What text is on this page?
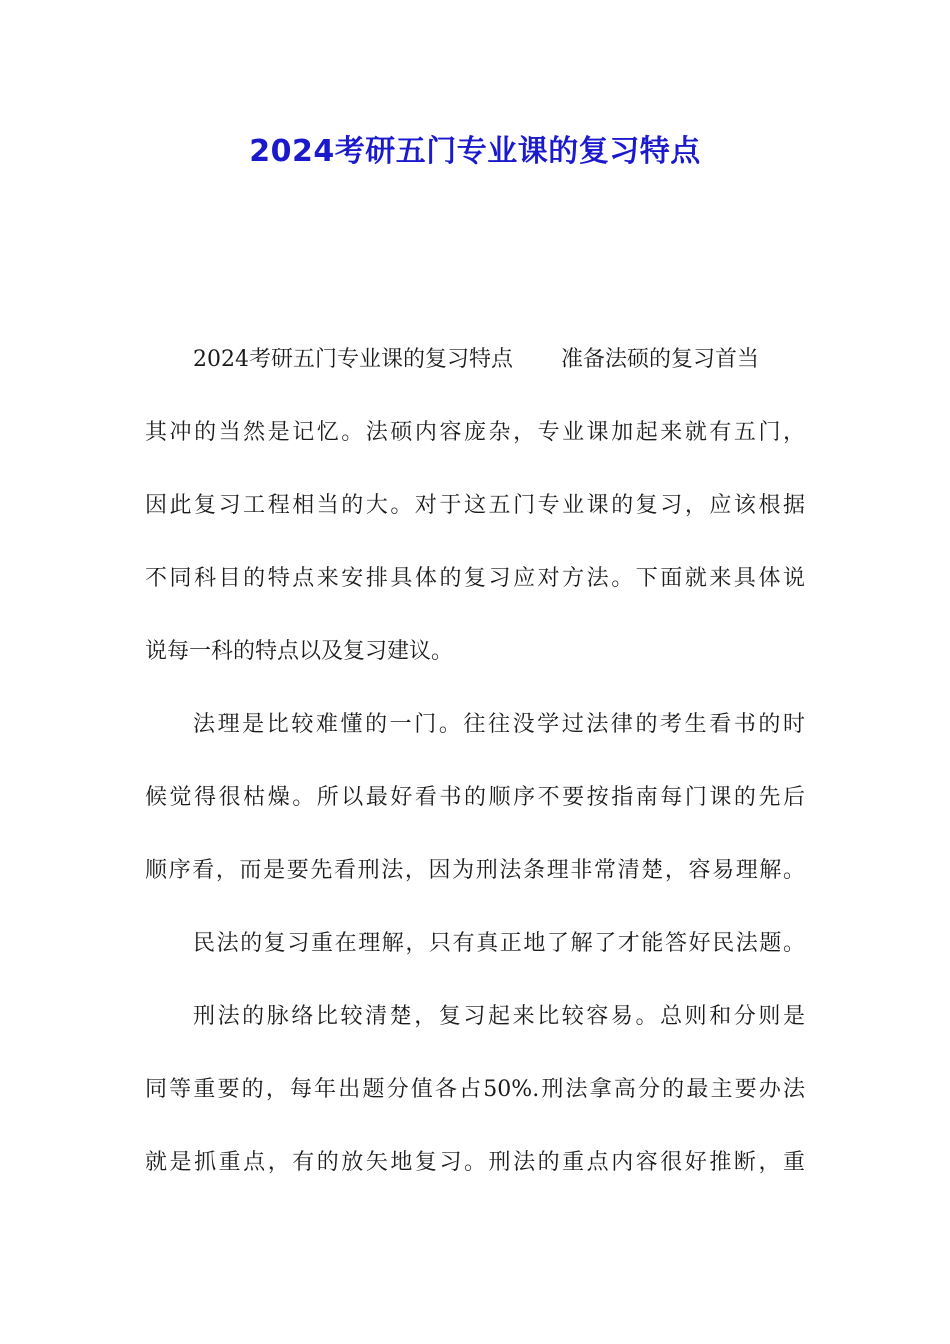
2024考研五门专业课的复习特点
2024考研五门专业课的复习特点 准备法硕的复习首当
其冲的当然是记忆。法硕内容庞杂，专业课加起来就有五门，
因此复习工程相当的大。对于这五门专业课的复习，应该根据
不同科目的特点来安排具体的复习应对方法。下面就来具体说
说每一科的特点以及复习建议。
法理是比较难懂的一门。往往没学过法律的考生看书的时
候觉得很枯燥。所以最好看书的顺序不要按指南每门课的先后
顺序看，而是要先看刑法，因为刑法条理非常清楚，容易理解。
民法的复习重在理解，只有真正地了解了才能答好民法题。
刑法的脉络比较清楚，复习起来比较容易。总则和分则是
同等重要的，每年出题分值各占50%.刑法拿高分的最主要办法
就是抓重点，有的放矢地复习。刑法的重点内容很好推断，重
